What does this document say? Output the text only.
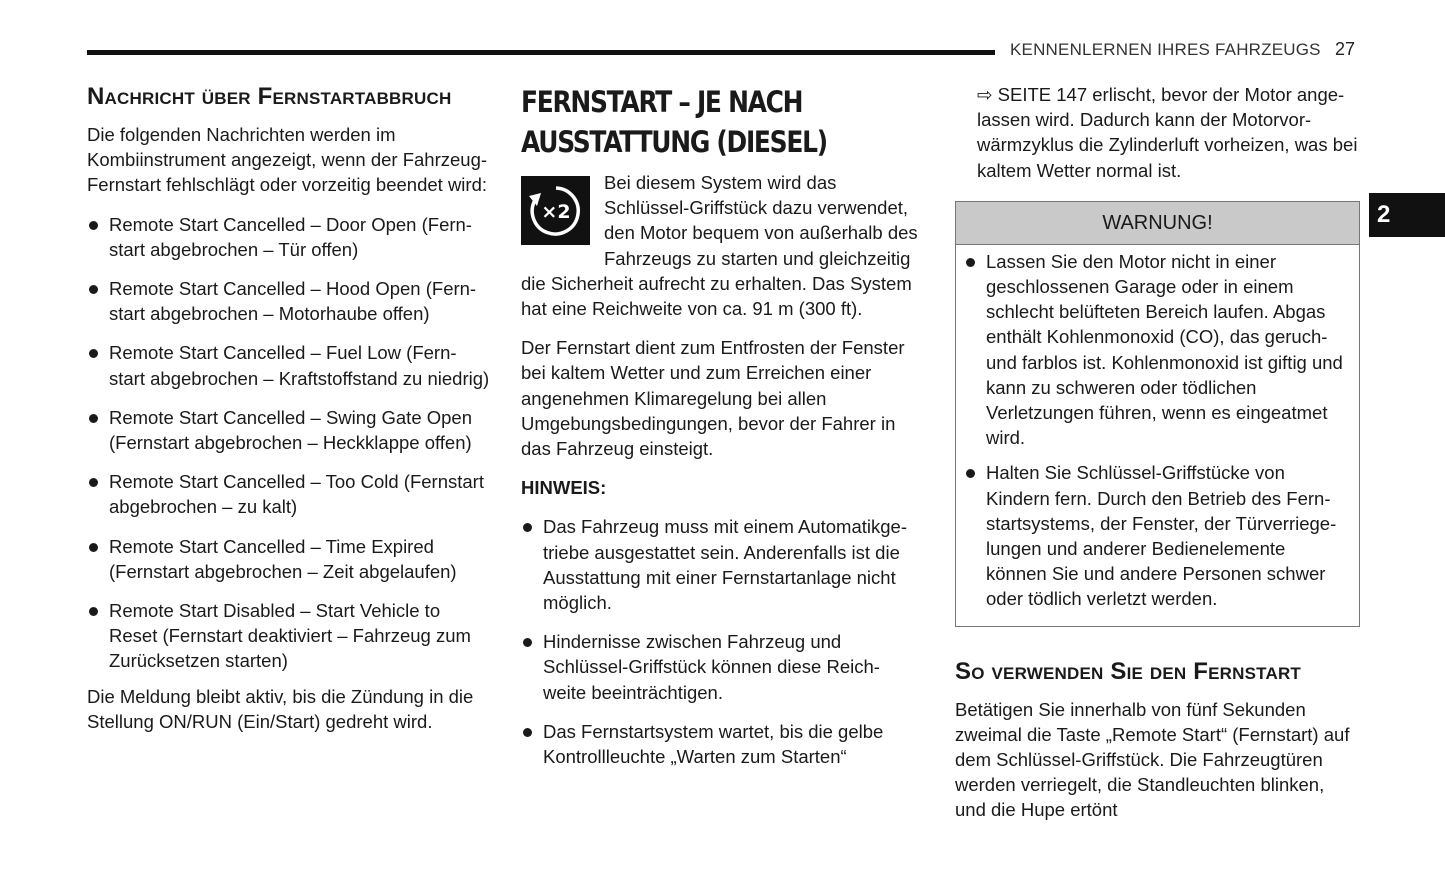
KENNENLERNEN IHRES FAHRZEUGS 27
2
Nachricht über Fernstartabbruch

Die folgenden Nachrichten werden im Kombiinstrument angezeigt, wenn der Fahrzeug-Fernstart fehlschlägt oder vorzeitig beendet wird:

Remote Start Cancelled – Door Open (Fern- start abgebrochen – Tür offen)
Remote Start Cancelled – Hood Open (Fern- start abgebrochen – Motorhaube offen)
Remote Start Cancelled – Fuel Low (Fern- start abgebrochen – Kraftstoffstand zu niedrig)
Remote Start Cancelled – Swing Gate Open (Fernstart abgebrochen – Heckklappe offen)
Remote Start Cancelled – Too Cold (Fernstart abgebrochen – zu kalt)
Remote Start Cancelled – Time Expired (Fernstart abgebrochen – Zeit abgelaufen)
Remote Start Disabled – Start Vehicle to Reset (Fernstart deaktiviert – Fahrzeug zum Zurücksetzen starten)

Die Meldung bleibt aktiv, bis die Zündung in die Stellung ON/RUN (Ein/Start) gedreht wird.

FERNSTART – JE NACH AUSSTATTUNG (DIESEL)
×2

Bei diesem System wird das Schlüssel-Griffstück dazu verwendet, den Motor bequem von außerhalb des Fahrzeugs zu starten und gleichzeitig die Sicherheit aufrecht zu erhalten. Das System hat eine Reichweite von ca. 91 m (300 ft).

Der Fernstart dient zum Entfrosten der Fenster bei kaltem Wetter und zum Erreichen einer angenehmen Klimaregelung bei allen Umgebungsbedingungen, bevor der Fahrer in das Fahrzeug einsteigt.

HINWEIS:

Das Fahrzeug muss mit einem Automatikge- triebe ausgestattet sein. Anderenfalls ist die Ausstattung mit einer Fernstartanlage nicht möglich.
Hindernisse zwischen Fahrzeug und Schlüssel-Griffstück können diese Reich- weite beeinträchtigen.
Das Fernstartsystem wartet, bis die gelbe Kontrollleuchte „Warten zum Starten“

⇨ SEITE 147 erlischt, bevor der Motor ange- lassen wird. Dadurch kann der Motorvor- wärmzyklus die Zylinderluft vorheizen, was bei kaltem Wetter normal ist.

WARNUNG!
Lassen Sie den Motor nicht in einer geschlossenen Garage oder in einem schlecht belüfteten Bereich laufen. Abgas enthält Kohlenmonoxid (CO), das geruch- und farblos ist. Kohlenmonoxid ist giftig und kann zu schweren oder tödlichen Verletzungen führen, wenn es eingeatmet wird.
Halten Sie Schlüssel-Griffstücke von Kindern fern. Durch den Betrieb des Fern- startsystems, der Fenster, der Türverriege- lungen und anderer Bedienelemente können Sie und andere Personen schwer oder tödlich verletzt werden.
So verwenden Sie den Fernstart

Betätigen Sie innerhalb von fünf Sekunden zweimal die Taste „Remote Start“ (Fernstart) auf dem Schlüssel-Griffstück. Die Fahrzeugtüren werden verriegelt, die Standleuchten blinken, und die Hupe ertönt
